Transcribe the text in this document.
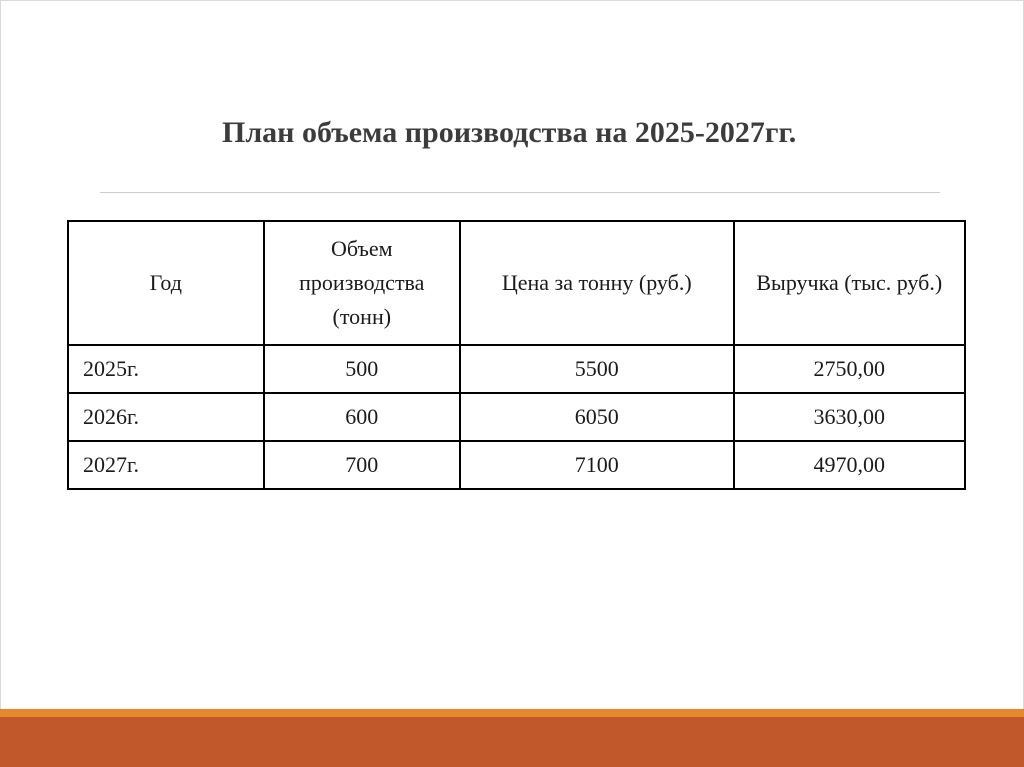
План объема производства на 2025-2027гг.
Год	Объем производства (тонн)	Цена за тонну (руб.)	Выручка (тыс. руб.)
2025г.	500	5500	2750,00
2026г.	600	6050	3630,00
2027г.	700	7100	4970,00
